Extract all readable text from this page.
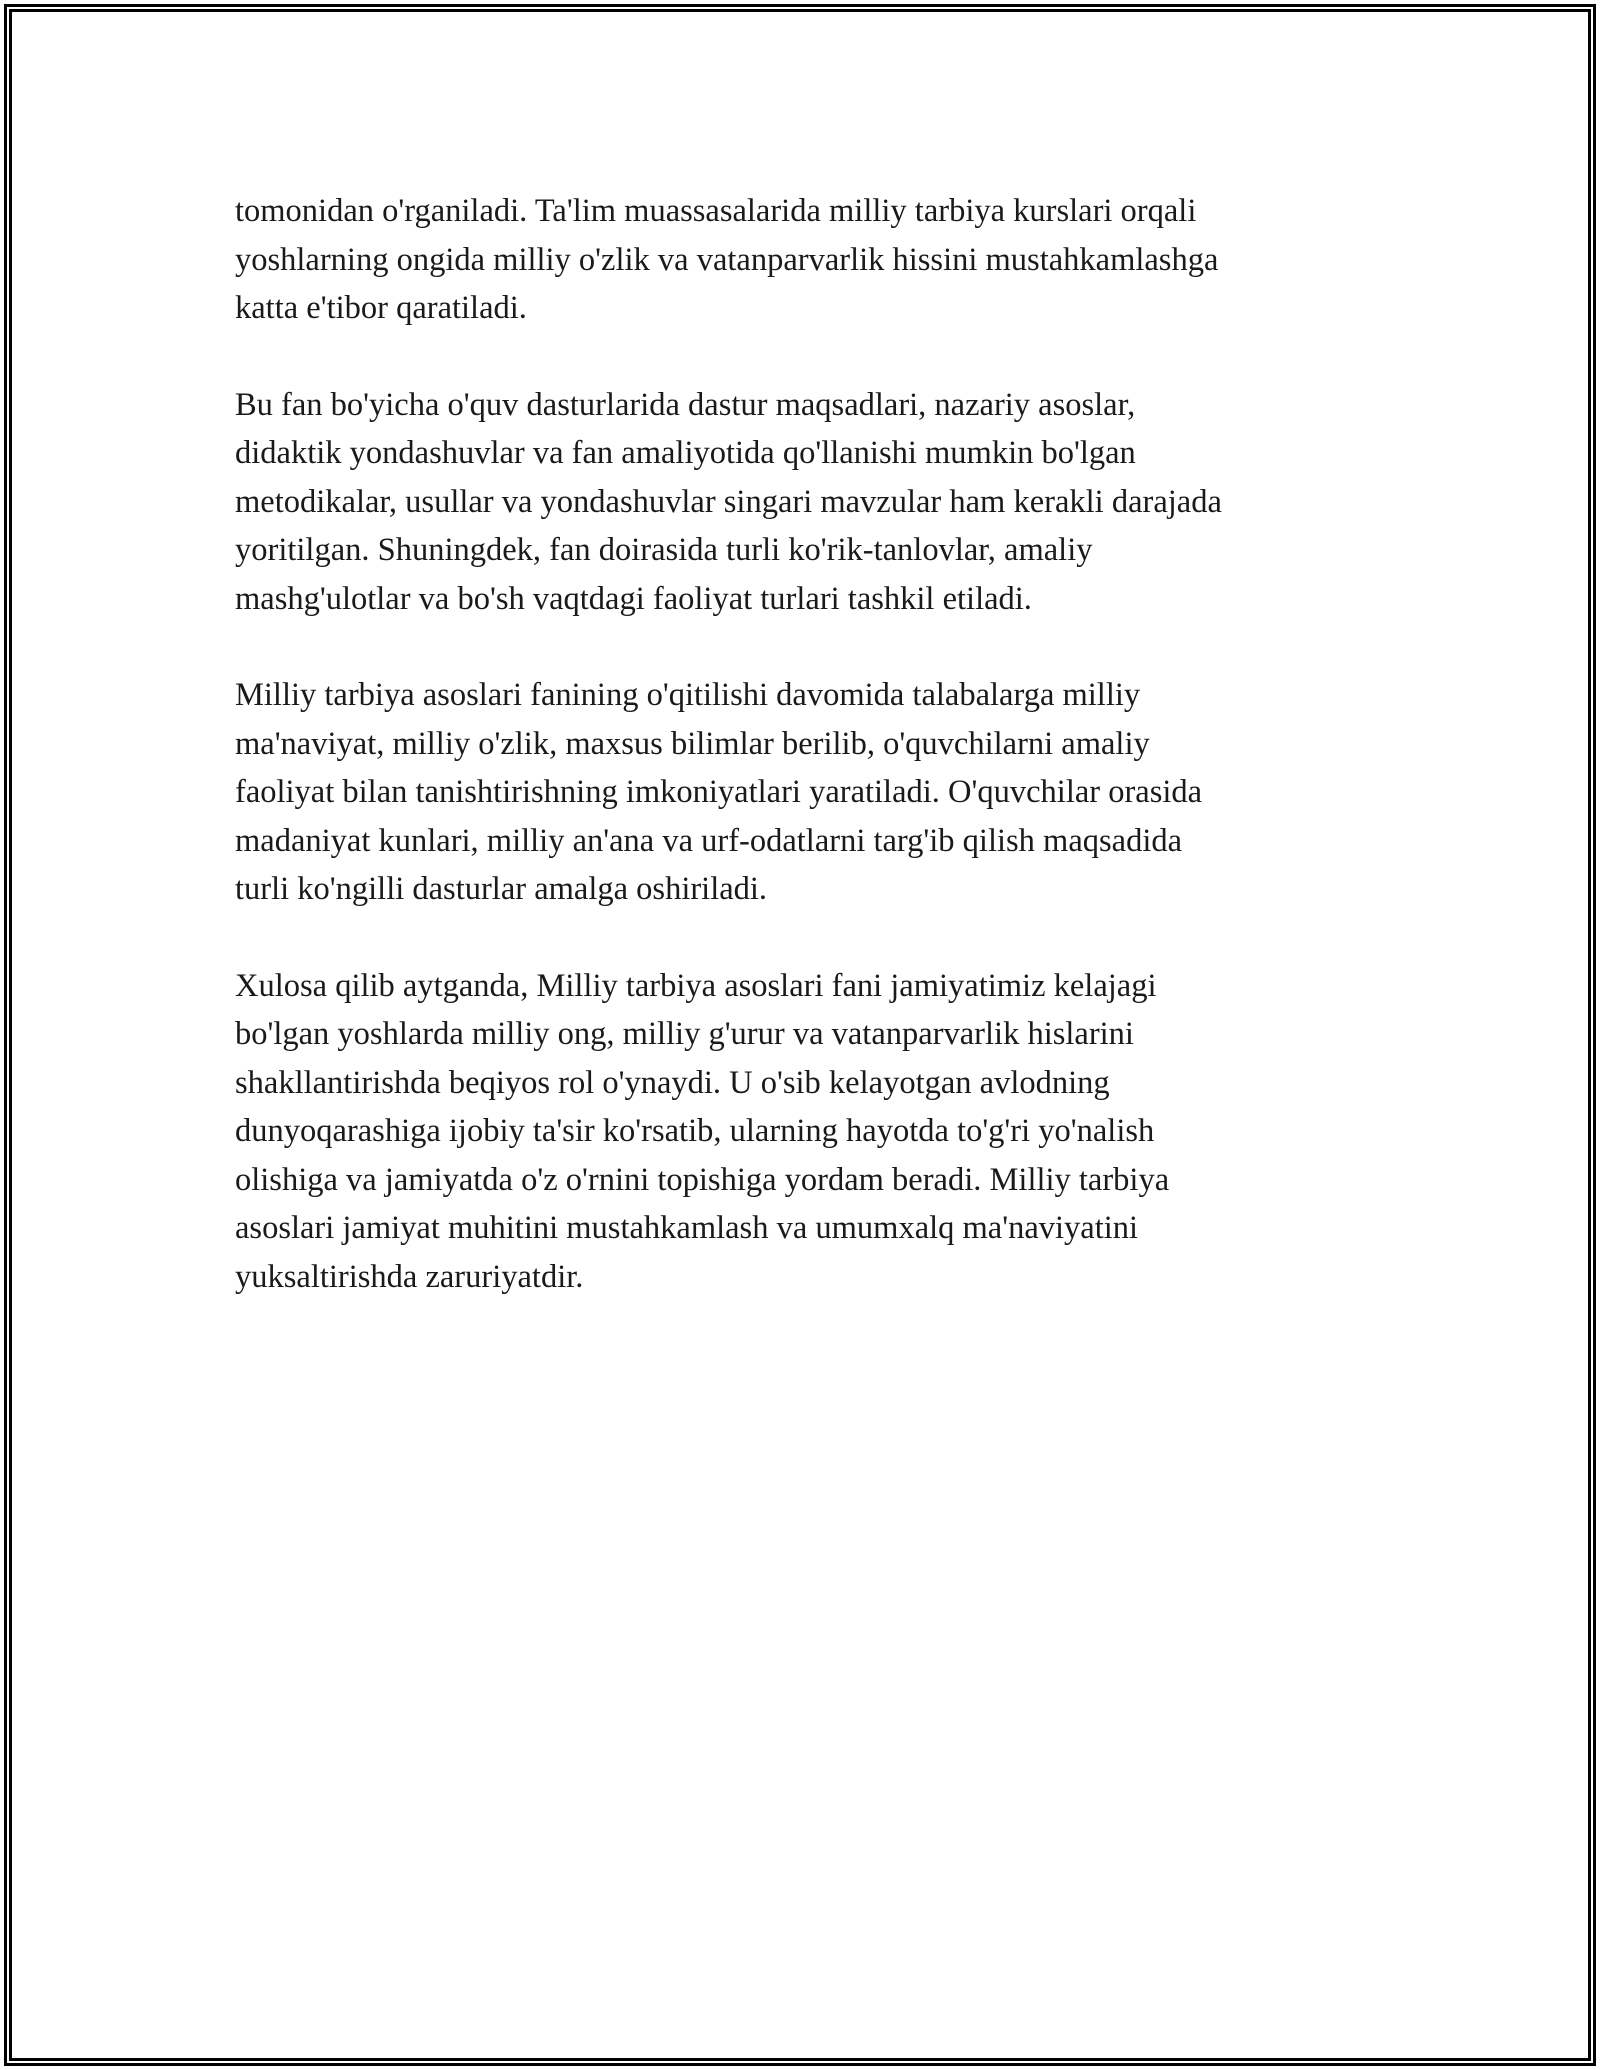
tomonidan o'rganiladi. Ta'lim muassasalarida milliy tarbiya kurslari orqali
yoshlarning ongida milliy o'zlik va vatanparvarlik hissini mustahkamlashga
katta e'tibor qaratiladi.

Bu fan bo'yicha o'quv dasturlarida dastur maqsadlari, nazariy asoslar,
didaktik yondashuvlar va fan amaliyotida qo'llanishi mumkin bo'lgan
metodikalar, usullar va yondashuvlar singari mavzular ham kerakli darajada
yoritilgan. Shuningdek, fan doirasida turli ko'rik-tanlovlar, amaliy
mashg'ulotlar va bo'sh vaqtdagi faoliyat turlari tashkil etiladi.

Milliy tarbiya asoslari fanining o'qitilishi davomida talabalarga milliy
ma'naviyat, milliy o'zlik, maxsus bilimlar berilib, o'quvchilarni amaliy
faoliyat bilan tanishtirishning imkoniyatlari yaratiladi. O'quvchilar orasida
madaniyat kunlari, milliy an'ana va urf-odatlarni targ'ib qilish maqsadida
turli ko'ngilli dasturlar amalga oshiriladi.

Xulosa qilib aytganda, Milliy tarbiya asoslari fani jamiyatimiz kelajagi
bo'lgan yoshlarda milliy ong, milliy g'urur va vatanparvarlik hislarini
shakllantirishda beqiyos rol o'ynaydi. U o'sib kelayotgan avlodning
dunyoqarashiga ijobiy ta'sir ko'rsatib, ularning hayotda to'g'ri yo'nalish
olishiga va jamiyatda o'z o'rnini topishiga yordam beradi. Milliy tarbiya
asoslari jamiyat muhitini mustahkamlash va umumxalq ma'naviyatini
yuksaltirishda zaruriyatdir.
